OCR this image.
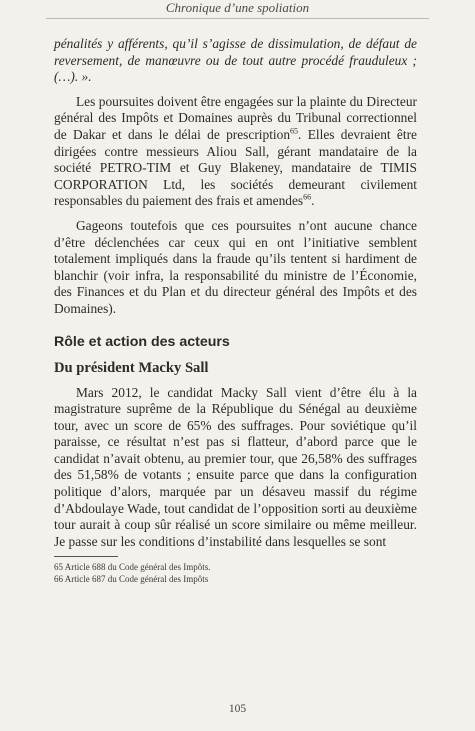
Chronique d’une spoliation

pénalités y afférents, qu’il s’agisse de dissimulation, de défaut de reversement, de manœuvre ou de tout autre procédé frauduleux ; (…). ».

Les poursuites doivent être engagées sur la plainte du Directeur général des Impôts et Domaines auprès du Tribunal correctionnel de Dakar et dans le délai de prescription$^{65}$. Elles devraient être dirigées contre messieurs Aliou Sall, gérant mandataire de la société PETRO-TIM et Guy Blakeney, mandataire de TIMIS CORPORATION Ltd, les sociétés demeurant civilement responsables du paiement des frais et amendes$^{66}$.

Gageons toutefois que ces poursuites n’ont aucune chance d’être déclenchées car ceux qui en ont l’initiative semblent totalement impliqués dans la fraude qu’ils tentent si hardiment de blanchir (voir infra, la responsabilité du ministre de l’Économie, des Finances et du Plan et du directeur général des Impôts et des Domaines).

Rôle et action des acteurs
Du président Macky Sall

Mars 2012, le candidat Macky Sall vient d’être élu à la magistrature suprême de la République du Sénégal au deuxième tour, avec un score de 65% des suffrages. Pour soviétique qu’il paraisse, ce résultat n’est pas si flatteur, d’abord parce que le candidat n’avait obtenu, au premier tour, que 26,58% des suffrages des 51,58% de votants ; ensuite parce que dans la configuration politique d’alors, marquée par un désaveu massif du régime d’Abdoulaye Wade, tout candidat de l’opposition sorti au deuxième tour aurait à coup sûr réalisé un score similaire ou même meilleur. Je passe sur les conditions d’instabilité dans lesquelles se sont

65 Article 688 du Code général des Impôts.
66 Article 687 du Code général des Impôts
105
